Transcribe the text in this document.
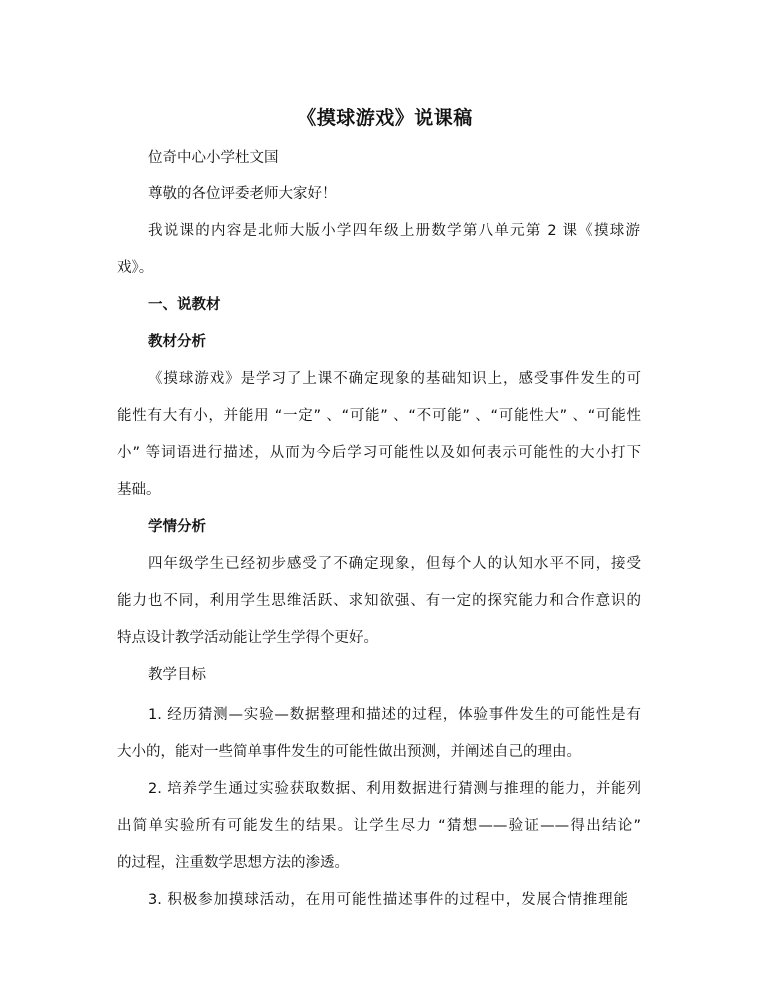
《摸球游戏》说课稿
位奇中心小学杜文国
尊敬的各位评委老师大家好！
我说课的内容是北师大版小学四年级上册数学第八单元第 2 课《摸球游
戏》。
一、说教材
教材分析
《摸球游戏》是学习了上课不确定现象的基础知识上，感受事件发生的可
能性有大有小，并能用 “一定” 、“可能” 、“不可能” 、“可能性大” 、“可能性
小” 等词语进行描述，从而为今后学习可能性以及如何表示可能性的大小打下
基础。
学情分析
四年级学生已经初步感受了不确定现象，但每个人的认知水平不同，接受
能力也不同，利用学生思维活跃、求知欲强、有一定的探究能力和合作意识的
特点设计教学活动能让学生学得个更好。
教学目标
1. 经历猜测—实验—数据整理和描述的过程，体验事件发生的可能性是有
大小的，能对一些简单事件发生的可能性做出预测，并阐述自己的理由。
2. 培养学生通过实验获取数据、利用数据进行猜测与推理的能力，并能列
出简单实验所有可能发生的结果。让学生尽力 “猜想——验证——得出结论”
的过程，注重数学思想方法的渗透。
3. 积极参加摸球活动，在用可能性描述事件的过程中，发展合情推理能
